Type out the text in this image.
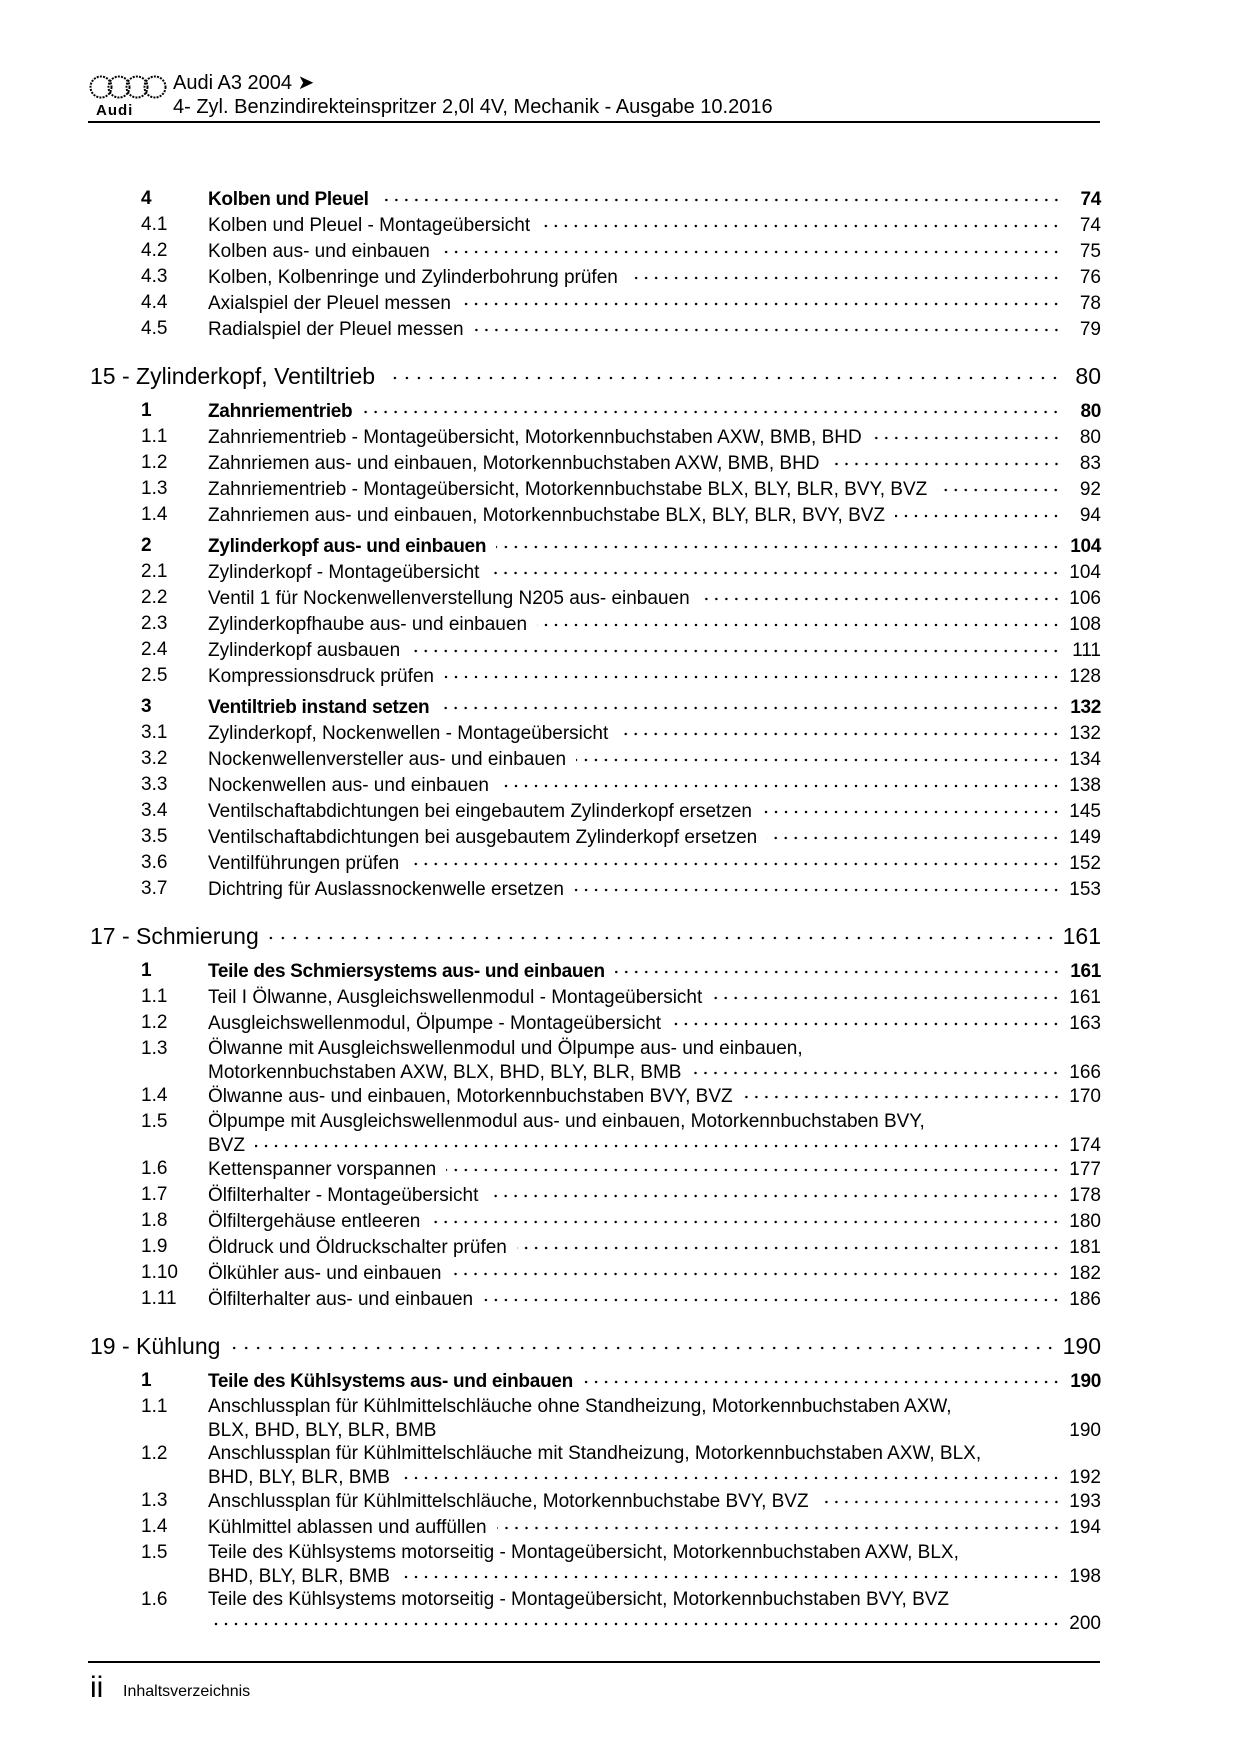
Audi
Audi A3 2004 ➤
4- Zyl. Benzindirekteinspritzer 2,0l 4V, Mechanik - Ausgabe 10.2016
4	Kolben und Pleuel	74
4.1 Kolben und Pleuel - Montageübersicht	74
4.2 Kolben aus- und einbauen	75
4.3 Kolben, Kolbenringe und Zylinderbohrung prüfen	76
4.4 Axialspiel der Pleuel messen	78
4.5 Radialspiel der Pleuel messen	79
15 - Zylinderkopf, Ventiltrieb	80
1	Zahnriementrieb	80
1.1 Zahnriementrieb - Montageübersicht, Motorkennbuchstaben AXW, BMB, BHD	80
1.2 Zahnriemen aus- und einbauen, Motorkennbuchstaben AXW, BMB, BHD	83
1.3 Zahnriementrieb - Montageübersicht, Motorkennbuchstabe BLX, BLY, BLR, BVY, BVZ	92
1.4 Zahnriemen aus- und einbauen, Motorkennbuchstabe BLX, BLY, BLR, BVY, BVZ	94
2	Zylinderkopf aus- und einbauen	104
2.1 Zylinderkopf - Montageübersicht	104
2.2 Ventil 1 für Nockenwellenverstellung N205 aus- einbauen	106
2.3 Zylinderkopfhaube aus- und einbauen	108
2.4 Zylinderkopf ausbauen	111
2.5 Kompressionsdruck prüfen	128
3	Ventiltrieb instand setzen	132
3.1 Zylinderkopf, Nockenwellen - Montageübersicht	132
3.2 Nockenwellenversteller aus- und einbauen	134
3.3 Nockenwellen aus- und einbauen	138
3.4 Ventilschaftabdichtungen bei eingebautem Zylinderkopf ersetzen	145
3.5 Ventilschaftabdichtungen bei ausgebautem Zylinderkopf ersetzen	149
3.6 Ventilführungen prüfen	152
3.7 Dichtring für Auslassnockenwelle ersetzen	153
17 - Schmierung	161
1	Teile des Schmiersystems aus- und einbauen	161
1.1 Teil I Ölwanne, Ausgleichswellenmodul - Montageübersicht	161
1.2 Ausgleichswellenmodul, Ölpumpe - Montageübersicht	163
1.3 Ölwanne mit Ausgleichswellenmodul und Ölpumpe aus- und einbauen,
Motorkennbuchstaben AXW, BLX, BHD, BLY, BLR, BMB	166
1.4 Ölwanne aus- und einbauen, Motorkennbuchstaben BVY, BVZ	170
1.5 Ölpumpe mit Ausgleichswellenmodul aus- und einbauen, Motorkennbuchstaben BVY,
BVZ	174
1.6 Kettenspanner vorspannen	177
1.7 Ölfilterhalter - Montageübersicht	178
1.8 Ölfiltergehäuse entleeren	180
1.9 Öldruck und Öldruckschalter prüfen	181
1.10 Ölkühler aus- und einbauen	182
1.11 Ölfilterhalter aus- und einbauen	186
19 - Kühlung	190
1	Teile des Kühlsystems aus- und einbauen	190
1.1 Anschlussplan für Kühlmittelschläuche ohne Standheizung, Motorkennbuchstaben AXW,
BLX, BHD, BLY, BLR, BMB	190
1.2 Anschlussplan für Kühlmittelschläuche mit Standheizung, Motorkennbuchstaben AXW, BLX,
BHD, BLY, BLR, BMB	192
1.3 Anschlussplan für Kühlmittelschläuche, Motorkennbuchstabe BVY, BVZ	193
1.4 Kühlmittel ablassen und auffüllen	194
1.5 Teile des Kühlsystems motorseitig - Montageübersicht, Motorkennbuchstaben AXW, BLX,
BHD, BLY, BLR, BMB	198
1.6 Teile des Kühlsystems motorseitig - Montageübersicht, Motorkennbuchstaben BVY, BVZ
200
ii Inhaltsverzeichnis
